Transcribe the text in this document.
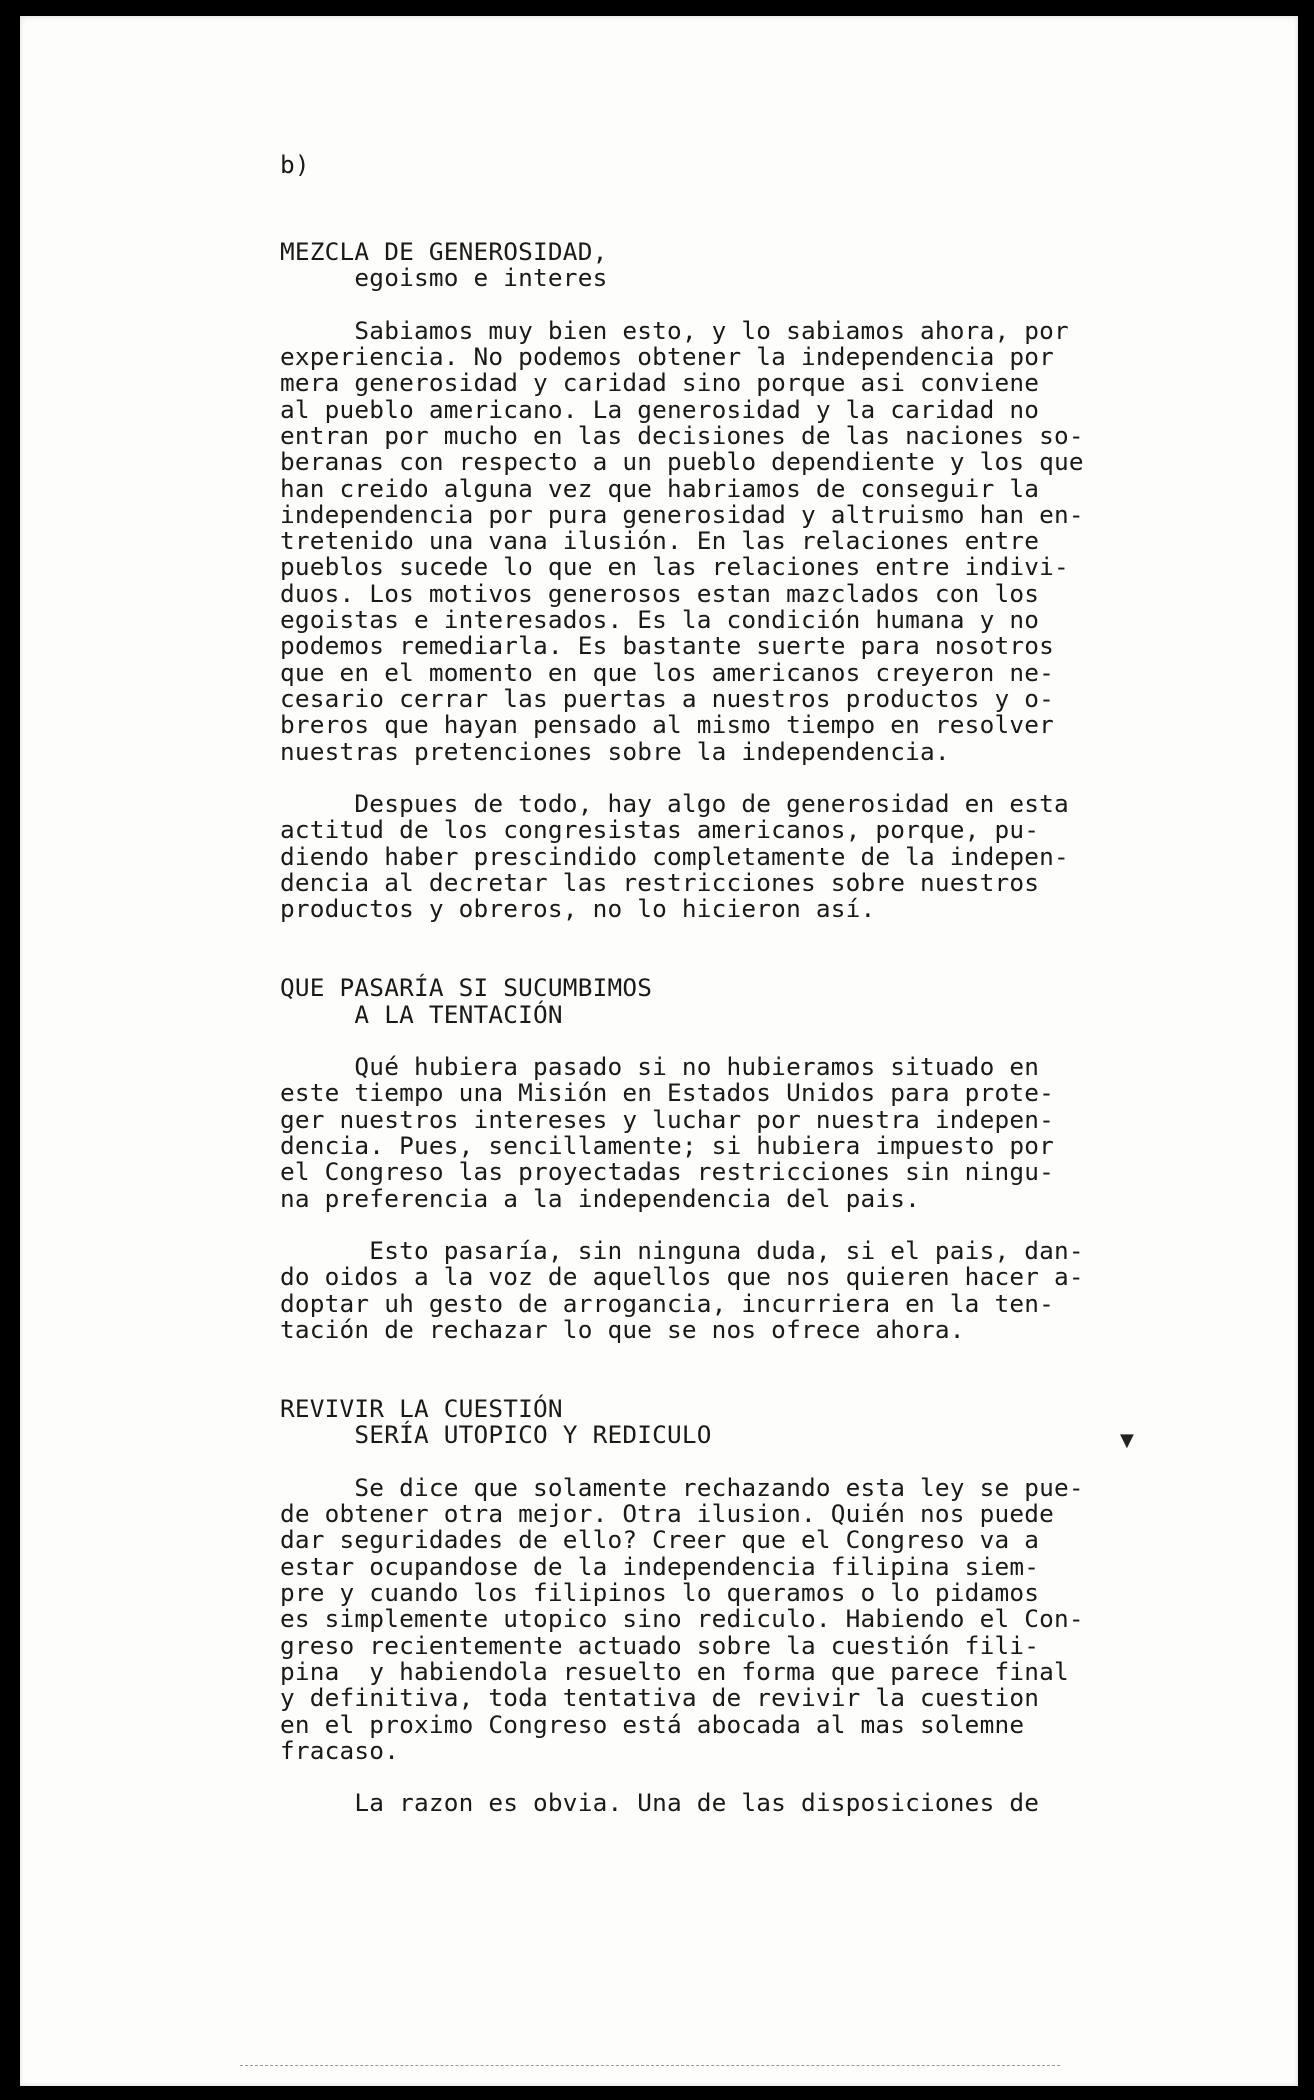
b)
MEZCLA DE GENEROSIDAD,
egoismo e interes
Sabiamos muy bien esto, y lo sabiamos ahora, por
experiencia. No podemos obtener la independencia por
mera generosidad y caridad sino porque asi conviene
al pueblo americano. La generosidad y la caridad no
entran por mucho en las decisiones de las naciones so-
beranas con respecto a un pueblo dependiente y los que
han creido alguna vez que habriamos de conseguir la
independencia por pura generosidad y altruismo han en-
tretenido una vana ilusión. En las relaciones entre
pueblos sucede lo que en las relaciones entre indivi-
duos. Los motivos generosos estan mazclados con los
egoistas e interesados. Es la condición humana y no
podemos remediarla. Es bastante suerte para nosotros
que en el momento en que los americanos creyeron ne-
cesario cerrar las puertas a nuestros productos y o-
breros que hayan pensado al mismo tiempo en resolver
nuestras pretenciones sobre la independencia.
Despues de todo, hay algo de generosidad en esta
actitud de los congresistas americanos, porque, pu-
diendo haber prescindido completamente de la indepen-
dencia al decretar las restricciones sobre nuestros
productos y obreros, no lo hicieron así.
QUE PASARÍA SI SUCUMBIMOS
A LA TENTACIÓN
Qué hubiera pasado si no hubieramos situado en
este tiempo una Misión en Estados Unidos para prote-
ger nuestros intereses y luchar por nuestra indepen-
dencia. Pues, sencillamente; si hubiera impuesto por
el Congreso las proyectadas restricciones sin ningu-
na preferencia a la independencia del pais.
Esto pasaría, sin ninguna duda, si el pais, dan-
do oidos a la voz de aquellos que nos quieren hacer a-
doptar uh gesto de arrogancia, incurriera en la ten-
tación de rechazar lo que se nos ofrece ahora.
REVIVIR LA CUESTIÓN
SERÍA UTOPICO Y REDICULO
Se dice que solamente rechazando esta ley se pue-
de obtener otra mejor. Otra ilusion. Quién nos puede
dar seguridades de ello? Creer que el Congreso va a
estar ocupandose de la independencia filipina siem-
pre y cuando los filipinos lo queramos o lo pidamos
es simplemente utopico sino rediculo. Habiendo el Con-
greso recientemente actuado sobre la cuestión fili-
pina  y habiendola resuelto en forma que parece final
y definitiva, toda tentativa de revivir la cuestion
en el proximo Congreso está abocada al mas solemne
fracaso.
La razon es obvia. Una de las disposiciones de
▼
